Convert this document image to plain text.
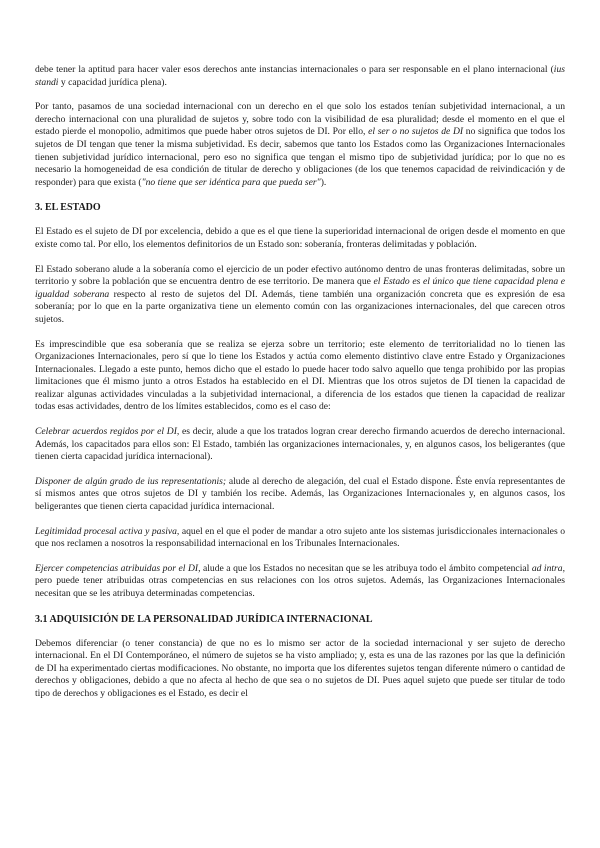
debe tener la aptitud para hacer valer esos derechos ante instancias internacionales o para ser responsable en el plano internacional (ius standi y capacidad jurídica plena).

Por tanto, pasamos de una sociedad internacional con un derecho en el que solo los estados tenían subjetividad internacional, a un derecho internacional con una pluralidad de sujetos y, sobre todo con la visibilidad de esa pluralidad; desde el momento en el que el estado pierde el monopolio, admitimos que puede haber otros sujetos de DI. Por ello, el ser o no sujetos de DI no significa que todos los sujetos de DI tengan que tener la misma subjetividad. Es decir, sabemos que tanto los Estados como las Organizaciones Internacionales tienen subjetividad jurídico internacional, pero eso no significa que tengan el mismo tipo de subjetividad jurídica; por lo que no es necesario la homogeneidad de esa condición de titular de derecho y obligaciones (de los que tenemos capacidad de reivindicación y de responder) para que exista ("no tiene que ser idéntica para que pueda ser").

3. EL ESTADO

El Estado es el sujeto de DI por excelencia, debido a que es el que tiene la superioridad internacional de origen desde el momento en que existe como tal. Por ello, los elementos definitorios de un Estado son: soberanía, fronteras delimitadas y población.

El Estado soberano alude a la soberanía como el ejercicio de un poder efectivo autónomo dentro de unas fronteras delimitadas, sobre un territorio y sobre la población que se encuentra dentro de ese territorio. De manera que el Estado es el único que tiene capacidad plena e igualdad soberana respecto al resto de sujetos del DI. Además, tiene también una organización concreta que es expresión de esa soberanía; por lo que en la parte organizativa tiene un elemento común con las organizaciones internacionales, del que carecen otros sujetos.

Es imprescindible que esa soberanía que se realiza se ejerza sobre un territorio; este elemento de territorialidad no lo tienen las Organizaciones Internacionales, pero sí que lo tiene los Estados y actúa como elemento distintivo clave entre Estado y Organizaciones Internacionales. Llegado a este punto, hemos dicho que el estado lo puede hacer todo salvo aquello que tenga prohibido por las propias limitaciones que él mismo junto a otros Estados ha establecido en el DI. Mientras que los otros sujetos de DI tienen la capacidad de realizar algunas actividades vinculadas a la subjetividad internacional, a diferencia de los estados que tienen la capacidad de realizar todas esas actividades, dentro de los límites establecidos, como es el caso de:

Celebrar acuerdos regidos por el DI, es decir, alude a que los tratados logran crear derecho firmando acuerdos de derecho internacional. Además, los capacitados para ellos son: El Estado, también las organizaciones internacionales, y, en algunos casos, los beligerantes (que tienen cierta capacidad jurídica internacional).

Disponer de algún grado de ius representationis; alude al derecho de alegación, del cual el Estado dispone. Éste envía representantes de sí mismos antes que otros sujetos de DI y también los recibe. Además, las Organizaciones Internacionales y, en algunos casos, los beligerantes que tienen cierta capacidad jurídica internacional.

Legitimidad procesal activa y pasiva, aquel en el que el poder de mandar a otro sujeto ante los sistemas jurisdiccionales internacionales o que nos reclamen a nosotros la responsabilidad internacional en los Tribunales Internacionales.

Ejercer competencias atribuidas por el DI, alude a que los Estados no necesitan que se les atribuya todo el ámbito competencial ad intra, pero puede tener atribuidas otras competencias en sus relaciones con los otros sujetos. Además, las Organizaciones Internacionales necesitan que se les atribuya determinadas competencias.

3.1 ADQUISICIÓN DE LA PERSONALIDAD JURÍDICA INTERNACIONAL

Debemos diferenciar (o tener constancia) de que no es lo mismo ser actor de la sociedad internacional y ser sujeto de derecho internacional. En el DI Contemporáneo, el número de sujetos se ha visto ampliado; y, esta es una de las razones por las que la definición de DI ha experimentado ciertas modificaciones. No obstante, no importa que los diferentes sujetos tengan diferente número o cantidad de derechos y obligaciones, debido a que no afecta al hecho de que sea o no sujetos de DI. Pues aquel sujeto que puede ser titular de todo tipo de derechos y obligaciones es el Estado, es decir el
